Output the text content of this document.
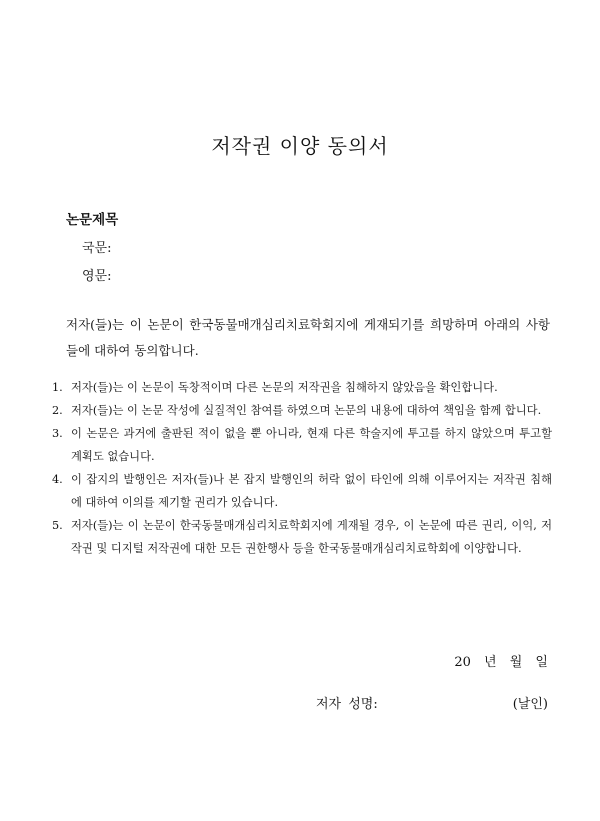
저작권 이양 동의서
논문제목
국문:
영문:

저자(들)는 이 논문이 한국동물매개심리치료학회지에 게재되기를 희망하며 아래의 사항들에 대하여 동의합니다.

1. 저자(들)는 이 논문이 독창적이며 다른 논문의 저작권을 침해하지 않았음을 확인합니다.
2. 저자(들)는 이 논문 작성에 실질적인 참여를 하였으며 논문의 내용에 대하여 책임을 함께 합니다.
3. 이 논문은 과거에 출판된 적이 없을 뿐 아니라, 현재 다른 학술지에 투고를 하지 않았으며 투고할 계획도 없습니다.
4. 이 잡지의 발행인은 저자(들)나 본 잡지 발행인의 허락 없이 타인에 의해 이루어지는 저작권 침해에 대하여 이의를 제기할 권리가 있습니다.
5. 저자(들)는 이 논문이 한국동물매개심리치료학회지에 게재될 경우, 이 논문에 따른 권리, 이익, 저작권 및 디지털 저작권에 대한 모든 권한행사 등을 한국동물매개심리치료학회에 이양합니다.
20 년 월 일
저자 성명:	(날인)
